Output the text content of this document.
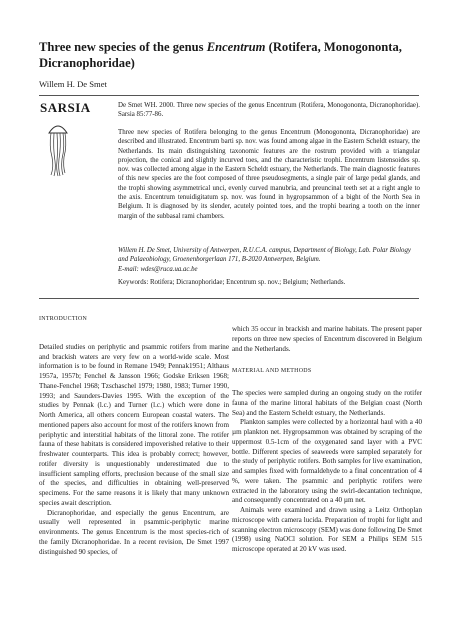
Three new species of the genus Encentrum (Rotifera, Monogononta, Dicranophoridae)
Willem H. De Smet
SARSIA	De Smet WH. 2000. Three new species of the genus Encentrum (Rotifera, Monogononta, Dicranophoridae). Sarsia 85:77-86.
Three new species of Rotifera belonging to the genus Encentrum (Monogononta, Dicranophoridae) are described and illustrated. Encentrum barti sp. nov. was found among algae in the Eastern Scheldt estuary, the Netherlands. Its main distinguishing taxonomic features are the rostrum provided with a triangular projection, the conical and slightly incurved toes, and the characteristic trophi. Encentrum listensoides sp. nov. was collected among algae in the Eastern Scheldt estuary, the Netherlands. The main diagnostic features of this new species are the foot composed of three pseudosegments, a single pair of large pedal glands, and the trophi showing asymmetrical unci, evenly curved manubria, and preuncinal teeth set at a right angle to the axis. Encentrum tenuidigitatum sp. nov. was found in hygropsammon of a bight of the North Sea in Belgium. It is diagnosed by its slender, acutely pointed toes, and the trophi bearing a tooth on the inner margin of the subbasal rami chambers.
Willem H. De Smet, University of Antwerpen, R.U.C.A. campus, Department of Biology, Lab. Polar Biology and Palaeobiology, Groenenborgerlaan 171, B-2020 Antwerpen, Belgium.
E-mail: wdes@ruca.ua.ac.be
Keywords: Rotifera; Dicranophoridae; Encentrum sp. nov.; Belgium; Netherlands.

INTRODUCTION

Detailed studies on periphytic and psammic rotifers from marine and brackish waters are very few on a world-wide scale. Most information is to be found in Remane 1949; Pennak1951; Althaus 1957a, 1957b; Fenchel & Jansson 1966; Godske Eriksen 1968; Thane-Fenchel 1968; Tzschaschel 1979; 1980, 1983; Turner 1990, 1993; and Saunders-Davies 1995. With the exception of the studies by Pennak (l.c.) and Turner (l.c.) which were done in North America, all others concern European coastal waters. The mentioned papers also account for most of the rotifers known from periphytic and interstitial habitats of the littoral zone. The rotifer fauna of these habitats is considered impoverished relative to their freshwater counterparts. This idea is probably correct; however, rotifer diversity is unquestionably underestimated due to insufficient sampling efforts, preclusion because of the small size of the species, and difficulties in obtaining well-preserved specimens. For the same reasons it is likely that many unknown species await description.

Dicranophoridae, and especially the genus Encentrum, are usually well represented in psammic-periphytic marine environments. The genus Encentrum is the most species-rich of the family Dicranophoridae. In a recent revision, De Smet 1997 distinguished 90 species, of

which 35 occur in brackish and marine habitats. The present paper reports on three new species of Encentrum discovered in Belgium and the Netherlands.

MATERIAL AND METHODS

The species were sampled during an ongoing study on the rotifer fauna of the marine littoral habitats of the Belgian coast (North Sea) and the Eastern Scheldt estuary, the Netherlands.

Plankton samples were collected by a horizontal haul with a 40 µm plankton net. Hygropsammon was obtained by scraping of the uppermost 0.5-1cm of the oxygenated sand layer with a PVC bottle. Different species of seaweeds were sampled separately for the study of periphytic rotifers. Both samples for live examination, and samples fixed with formaldehyde to a final concentration of 4 %, were taken. The psammic and periphytic rotifers were extracted in the laboratory using the swirl-decantation technique, and consequently concentrated on a 40 µm net.

Animals were examined and drawn using a Leitz Orthoplan microscope with camera lucida. Preparation of trophi for light and scanning electron microscopy (SEM) was done following De Smet (1998) using NaOCl solution. For SEM a Philips SEM 515 microscope operated at 20 kV was used.
